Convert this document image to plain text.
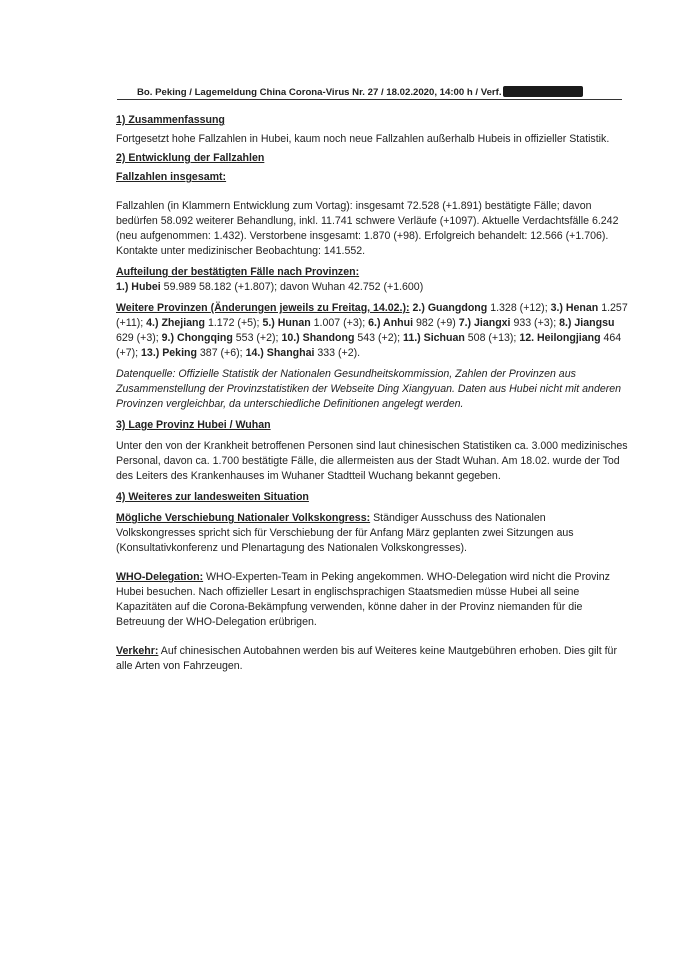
Bo. Peking / Lagemeldung China Corona-Virus Nr. 27 / 18.02.2020, 14:00 h / Verf.

1) Zusammenfassung

Fortgesetzt hohe Fallzahlen in Hubei, kaum noch neue Fallzahlen außerhalb Hubeis in offizieller Statistik.

2) Entwicklung der Fallzahlen

Fallzahlen insgesamt:

Fallzahlen (in Klammern Entwicklung zum Vortag): insgesamt 72.528 (+1.891) bestätigte Fälle; davon bedürfen 58.092 weiterer Behandlung, inkl. 11.741 schwere Verläufe (+1097). Aktuelle Verdachtsfälle 6.242 (neu aufgenommen: 1.432). Verstorbene insgesamt: 1.870 (+98). Erfolgreich behandelt: 12.566 (+1.706). Kontakte unter medizinischer Beobachtung: 141.552.

Aufteilung der bestätigten Fälle nach Provinzen:

1.) Hubei 59.989 58.182 (+1.807); davon Wuhan 42.752 (+1.600)

Weitere Provinzen (Änderungen jeweils zu Freitag, 14.02.): 2.) Guangdong 1.328 (+12); 3.) Henan 1.257 (+11); 4.) Zhejiang 1.172 (+5); 5.) Hunan 1.007 (+3); 6.) Anhui 982 (+9) 7.) Jiangxi 933 (+3); 8.) Jiangsu 629 (+3); 9.) Chongqing 553 (+2); 10.) Shandong 543 (+2); 11.) Sichuan 508 (+13); 12. Heilongjiang 464 (+7); 13.) Peking 387 (+6); 14.) Shanghai 333 (+2).

Datenquelle: Offizielle Statistik der Nationalen Gesundheitskommission, Zahlen der Provinzen aus Zusammenstellung der Provinzstatistiken der Webseite Ding Xiangyuan. Daten aus Hubei nicht mit anderen Provinzen vergleichbar, da unterschiedliche Definitionen angelegt werden.

3) Lage Provinz Hubei / Wuhan

Unter den von der Krankheit betroffenen Personen sind laut chinesischen Statistiken ca. 3.000 medizinisches Personal, davon ca. 1.700 bestätigte Fälle, die allermeisten aus der Stadt Wuhan. Am 18.02. wurde der Tod des Leiters des Krankenhauses im Wuhaner Stadtteil Wuchang bekannt gegeben.

4) Weiteres zur landesweiten Situation

Mögliche Verschiebung Nationaler Volkskongress: Ständiger Ausschuss des Nationalen Volkskongresses spricht sich für Verschiebung der für Anfang März geplanten zwei Sitzungen aus (Konsultativkonferenz und Plenartagung des Nationalen Volkskongresses).

WHO-Delegation: WHO-Experten-Team in Peking angekommen. WHO-Delegation wird nicht die Provinz Hubei besuchen. Nach offizieller Lesart in englischsprachigen Staatsmedien müsse Hubei all seine Kapazitäten auf die Corona-Bekämpfung verwenden, könne daher in der Provinz niemanden für die Betreuung der WHO-Delegation erübrigen.

Verkehr: Auf chinesischen Autobahnen werden bis auf Weiteres keine Mautgebühren erhoben. Dies gilt für alle Arten von Fahrzeugen.
